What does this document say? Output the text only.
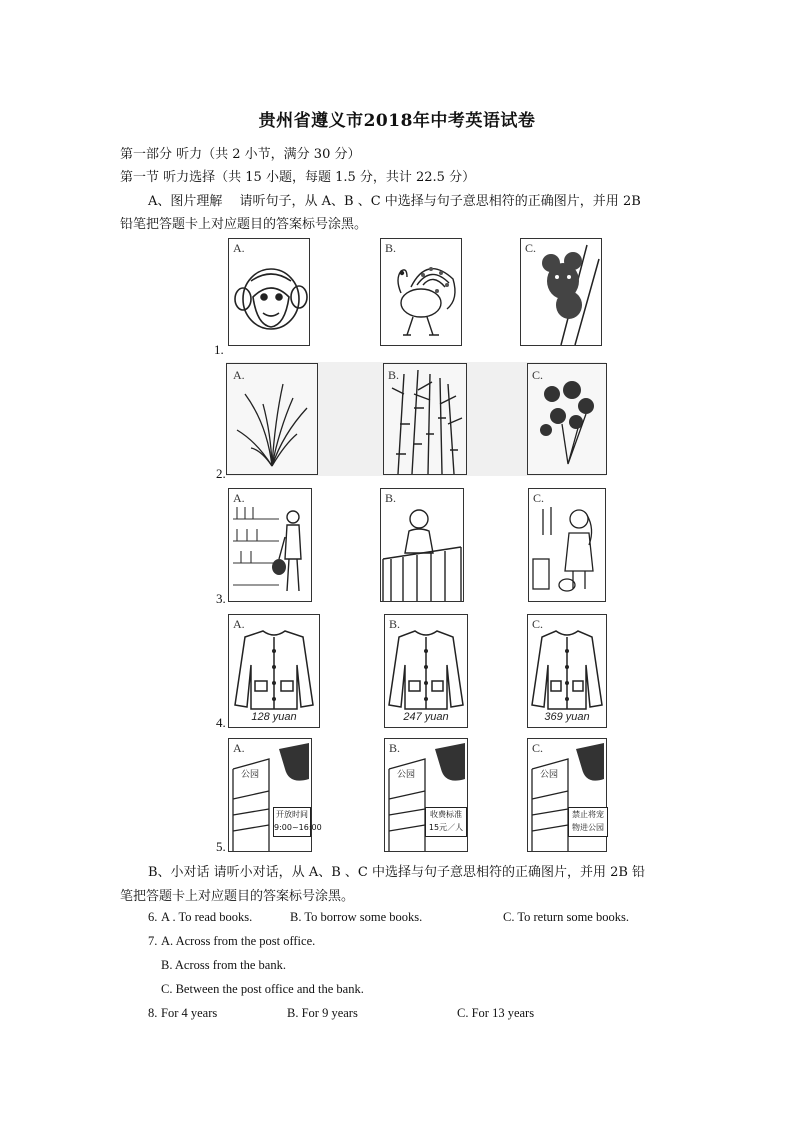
贵州省遵义市2018年中考英语试卷
第一部分 听力（共 2 小节，满分 30 分）
第一节 听力选择（共 15 小题，每题 1.5 分，共计 22.5 分）
A、图片理解　 请听句子，从 A、B 、C 中选择与句子意思相符的正确图片，并用 2B
铅笔把答题卡上对应题目的答案标号涂黑。
A.	B.	C.
1.
A.	B.	C.
2.
A.	B.	C.
3.
A.
128 yuan
B.
247 yuan
C.
369 yuan
4.
A.
公园
开放时间
9:00~16:00
B.
公园
收费标准
15元／人
C.
公园
禁止将宠
物进公园
5.
B、小对话 请听小对话，从 A、B 、C 中选择与句子意思相符的正确图片，并用 2B 铅
笔把答题卡上对应题目的答案标号涂黑。
6. A . To read books.	B. To borrow some books.	C. To return some books.
7. A. Across from the post office.
B. Across from the bank.
C. Between the post office and the bank.
8. For 4 years	B. For 9 years	C. For 13 years
